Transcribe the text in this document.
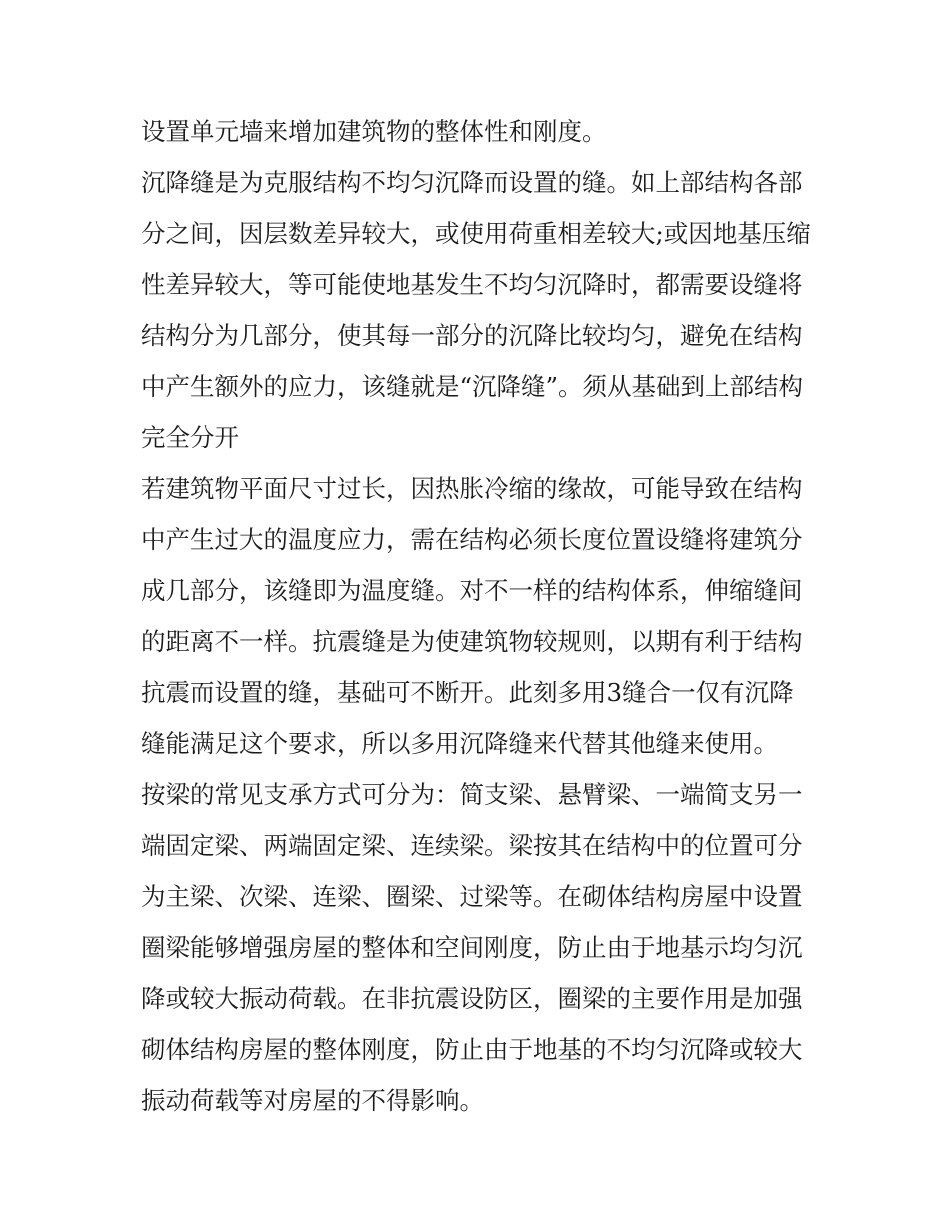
设置单元墙来增加建筑物的整体性和刚度。

沉降缝是为克服结构不均匀沉降而设置的缝。如上部结构各部分之间，因层数差异较大，或使用荷重相差较大;或因地基压缩性差异较大，等可能使地基发生不均匀沉降时，都需要设缝将结构分为几部分，使其每一部分的沉降比较均匀，避免在结构中产生额外的应力，该缝就是“沉降缝”。须从基础到上部结构完全分开

若建筑物平面尺寸过长，因热胀冷缩的缘故，可能导致在结构中产生过大的温度应力，需在结构必须长度位置设缝将建筑分成几部分，该缝即为温度缝。对不一样的结构体系，伸缩缝间的距离不一样。抗震缝是为使建筑物较规则，以期有利于结构抗震而设置的缝，基础可不断开。此刻多用3缝合一仅有沉降缝能满足这个要求，所以多用沉降缝来代替其他缝来使用。

按梁的常见支承方式可分为：简支梁、悬臂梁、一端简支另一端固定梁、两端固定梁、连续梁。梁按其在结构中的位置可分为主梁、次梁、连梁、圈梁、过梁等。在砌体结构房屋中设置圈梁能够增强房屋的整体和空间刚度，防止由于地基示均匀沉降或较大振动荷载。在非抗震设防区，圈梁的主要作用是加强砌体结构房屋的整体刚度，防止由于地基的不均匀沉降或较大振动荷载等对房屋的不得影响。
